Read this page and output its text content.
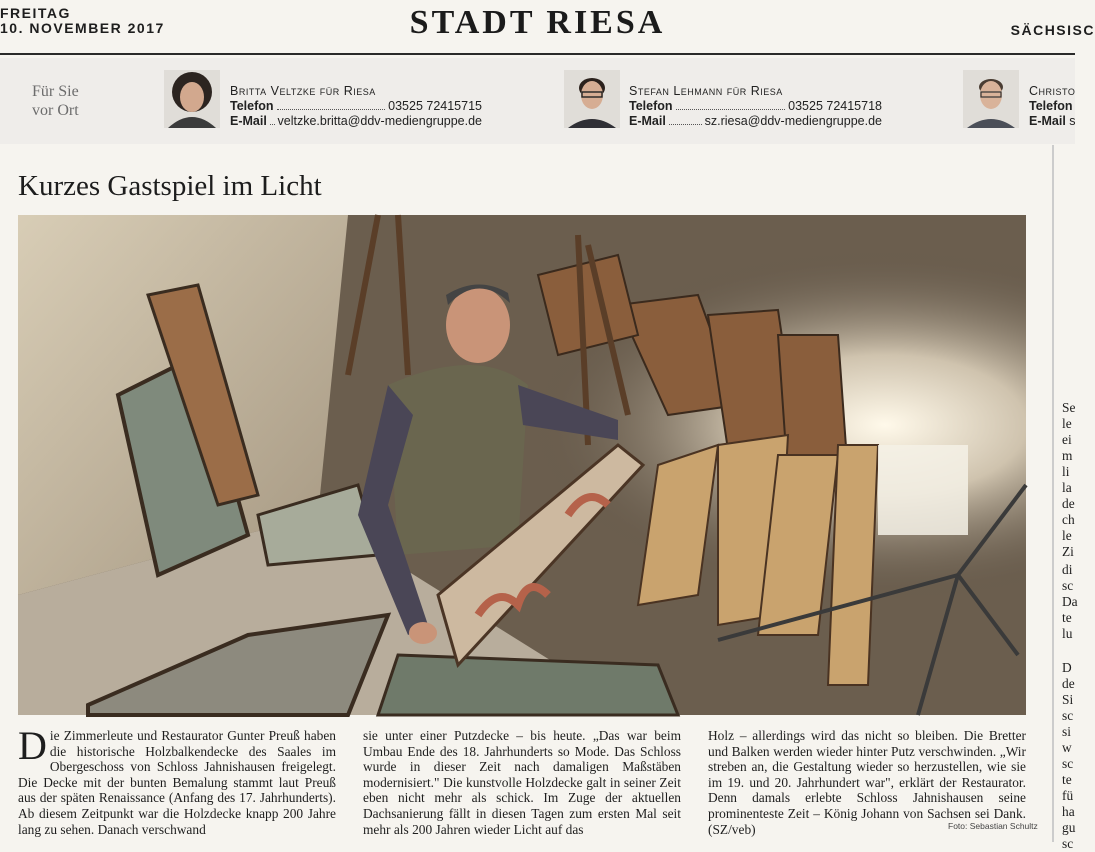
FREITAG
10. NOVEMBER 2017	STADT RIESA	SÄCHSISC
Für Sie vor Ort
Britta Veltzke für Riesa
Telefon	03525 72415715
E-Mail veltzke.britta@ddv-mediengruppe.de
Stefan Lehmann für Riesa
Telefon	03525 72415718
E-Mail	sz.riesa@ddv-mediengruppe.de
Christo
Telefon
E-Mail
s
Kurzes Gastspiel im Licht
Die Zimmerleute und Restaurator Gunter Preuß haben die historische Holzbalkendecke des Saales im Obergeschoss von Schloss Jahnishausen freigelegt. Die Decke mit der bunten Bemalung stammt laut Preuß aus der späten Renaissance (Anfang des 17. Jahrhunderts). Ab diesem Zeitpunkt war die Holzdecke knapp 200 Jahre lang zu sehen. Danach verschwand
sie unter einer Putzdecke – bis heute. „Das war beim Umbau Ende des 18. Jahrhunderts so Mode. Das Schloss wurde in dieser Zeit nach damaligen Maßstäben modernisiert." Die kunstvolle Holzdecke galt in seiner Zeit eben nicht mehr als schick. Im Zuge der aktuellen Dachsanierung fällt in diesen Tagen zum ersten Mal seit mehr als 200 Jahren wieder Licht auf das
Holz – allerdings wird das nicht so bleiben. Die Bretter und Balken werden wieder hinter Putz verschwinden. „Wir streben an, die Gestaltung wieder so herzustellen, wie sie im 19. und 20. Jahrhundert war", erklärt der Restaurator. Denn damals erlebte Schloss Jahnishausen seine prominenteste Zeit – König Johann von Sachsen sei Dank. (SZ/veb)	Foto: Sebastian Schultz
Se
le
ei
m
li
la
de
ch
le
Zi
di
sc
Da
te
lu
D
de
Si
sc
si
w
sc
te
fü
ha
gu
sc
